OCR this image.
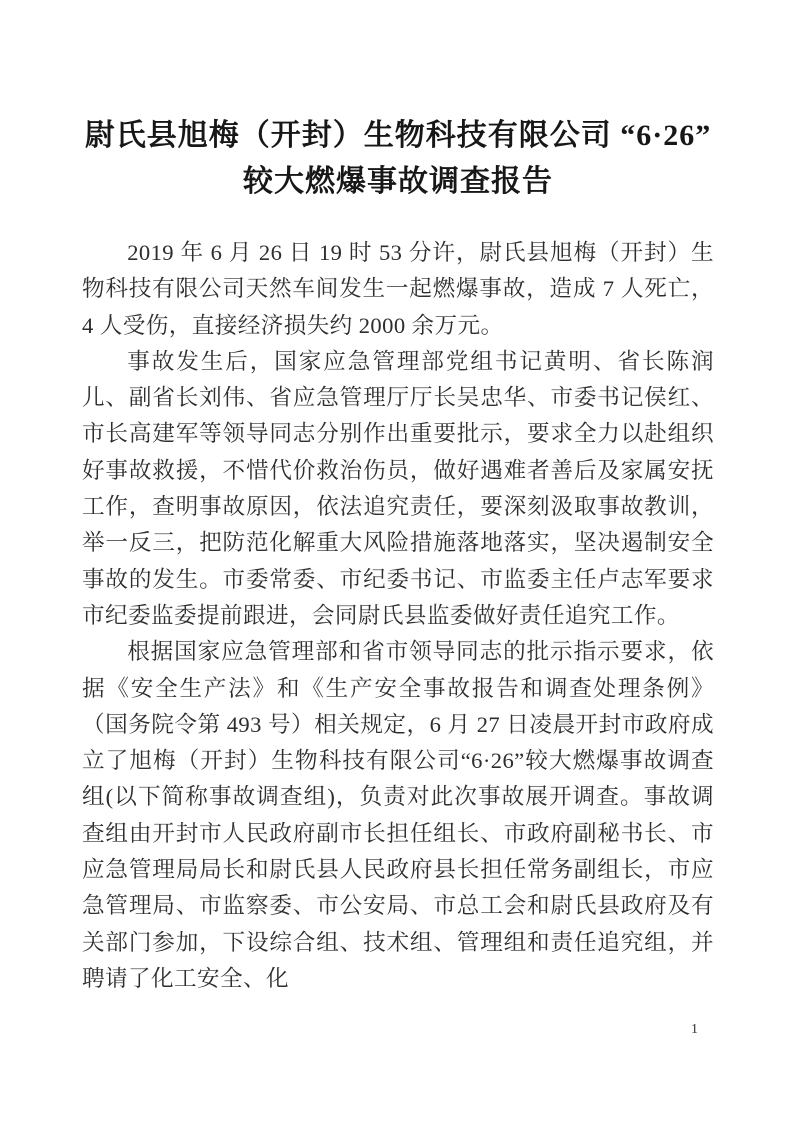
尉氏县旭梅（开封）生物科技有限公司 “6·26”
较大燃爆事故调查报告

2019 年 6 月 26 日 19 时 53 分许，尉氏县旭梅（开封）生物科技有限公司天然车间发生一起燃爆事故，造成 7 人死亡，4 人受伤，直接经济损失约 2000 余万元。

事故发生后，国家应急管理部党组书记黄明、省长陈润儿、副省长刘伟、省应急管理厅厅长吴忠华、市委书记侯红、市长高建军等领导同志分别作出重要批示，要求全力以赴组织好事故救援，不惜代价救治伤员，做好遇难者善后及家属安抚工作，查明事故原因，依法追究责任，要深刻汲取事故教训，举一反三，把防范化解重大风险措施落地落实，坚决遏制安全事故的发生。市委常委、市纪委书记、市监委主任卢志军要求市纪委监委提前跟进，会同尉氏县监委做好责任追究工作。

根据国家应急管理部和省市领导同志的批示指示要求，依据《安全生产法》和《生产安全事故报告和调查处理条例》（国务院令第 493 号）相关规定，6 月 27 日凌晨开封市政府成立了旭梅（开封）生物科技有限公司“6·26”较大燃爆事故调查组(以下简称事故调查组)，负责对此次事故展开调查。事故调查组由开封市人民政府副市长担任组长、市政府副秘书长、市应急管理局局长和尉氏县人民政府县长担任常务副组长，市应急管理局、市监察委、市公安局、市总工会和尉氏县政府及有关部门参加，下设综合组、技术组、管理组和责任追究组，并聘请了化工安全、化

1
